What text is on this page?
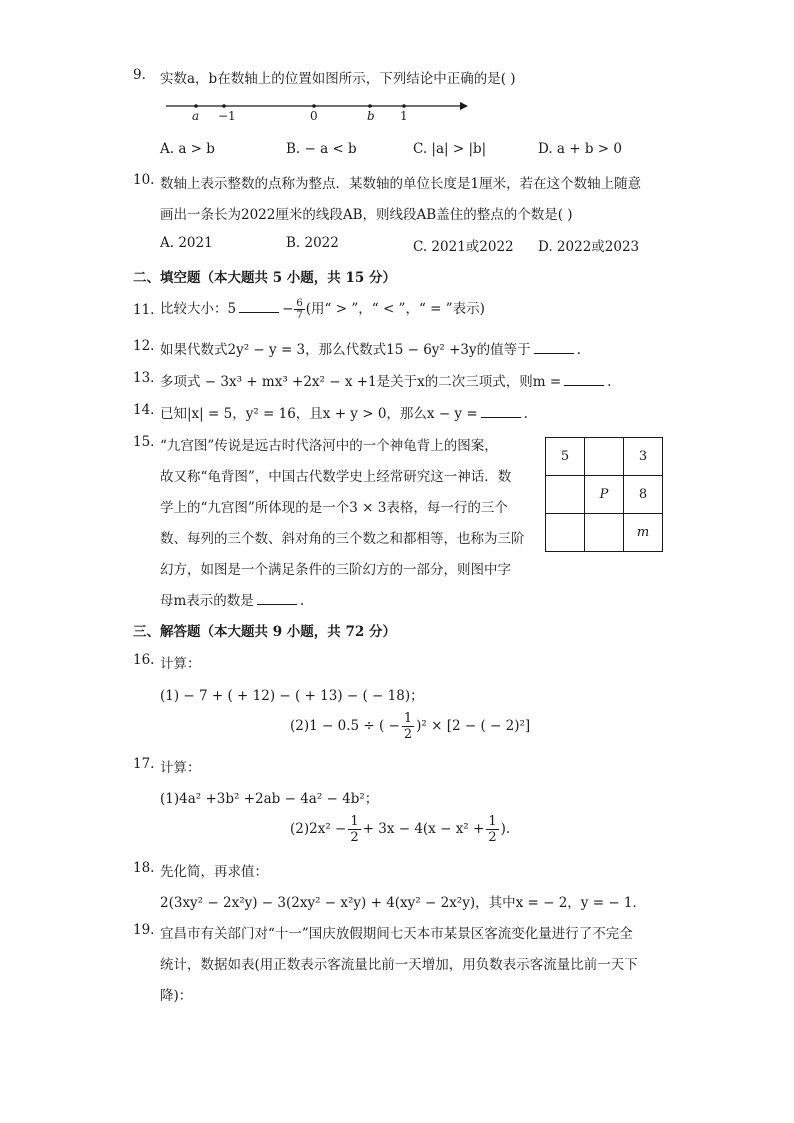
9. 实数a，b在数轴上的位置如图所示，下列结论中正确的是( )
a −1	0	b 1
A. a > b	B. − a < b	C. |a| > |b|	D. a + b > 0
10. 数轴上表示整数的点称为整点．某数轴的单位长度是1厘米，若在这个数轴上随意
画出一条长为2022厘米的线段AB，则线段AB盖住的整点的个数是( )
A. 2021	B. 2022	C. 2021或2022 D. 2022或2023
二、填空题（本大题共 5 小题，共 15 分）
11. 比较大小：5	− $\frac{6}{7}$ (用“ > ”，“ < ”，“ = ”表示)
12. 如果代数式2y² − y = 3，那么代数式15 − 6y² +3y的值等于	.
13. 多项式 − 3x³ + mx³ +2x² − x +1是关于x的二次三项式，则m =	.
14. 已知|x| = 5，y² = 16，且x + y > 0，那么x − y =	.
15. “九宫图”传说是远古时代洛河中的一个神龟背上的图案，
故又称“龟背图”，中国古代数学史上经常研究这一神话．数
学上的“九宫图”所体现的是一个3 × 3表格，每一行的三个
数、每列的三个数、斜对角的三个数之和都相等，也称为三阶
幻方，如图是一个满足条件的三阶幻方的一部分，则图中字
母m表示的数是	.
5		3
	P	8
		m
三、解答题（本大题共 9 小题，共 72 分）
16. 计算：
(1) − 7 + ( + 12) − ( + 13) − ( − 18)；
(2)1 − 0.5 ÷ ( − $\frac{1}{2} )^2 \times [2$ − ( − 2)²]
17. 计算：
(1)4a² +3b² +2ab − 4a² − 4b²；
$(2)2x^2 - \frac{1}{2} + 3x - 4(x - x^2 + \frac{1}{2}$ ).
18. 先化简，再求值：
2(3xy² − 2x²y) − 3(2xy² − x²y) + 4(xy² − 2x²y)，其中x = − 2，y = − 1．
19. 宜昌市有关部门对“十一”国庆放假期间七天本市某景区客流变化量进行了不完全
统计，数据如表(用正数表示客流量比前一天增加，用负数表示客流量比前一天下
降)：
